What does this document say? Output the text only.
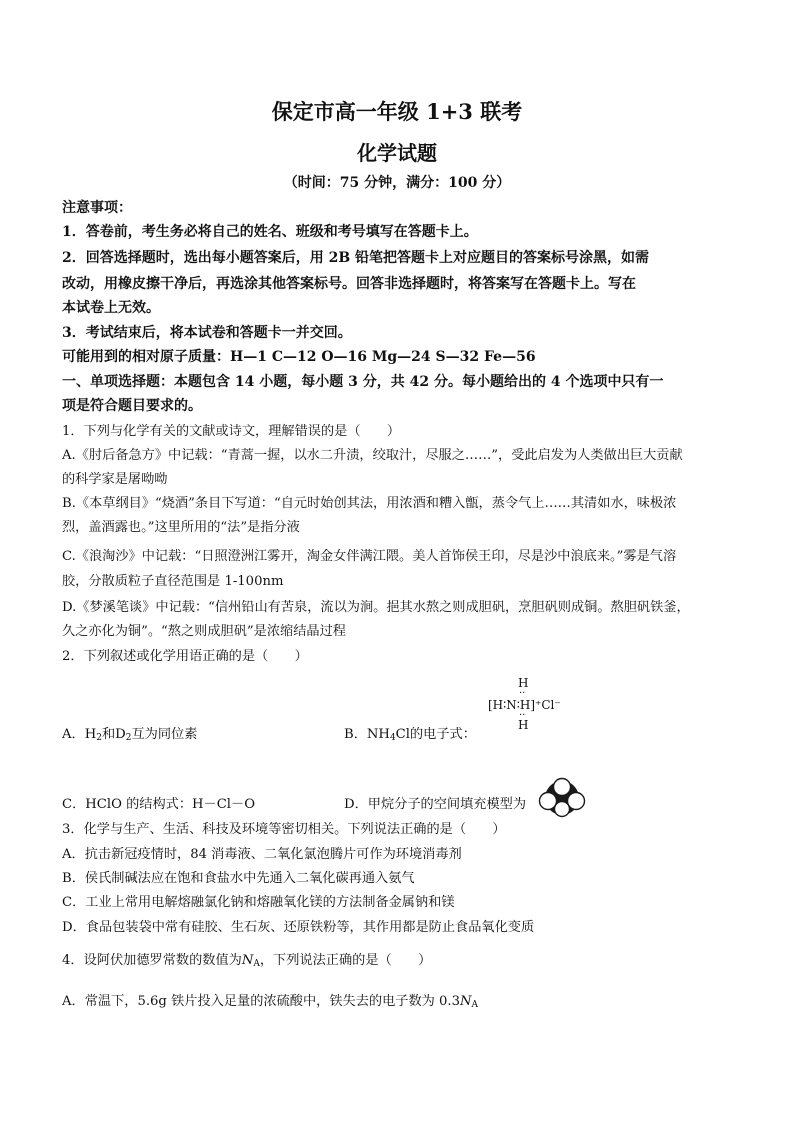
保定市高一年级 1+3 联考
化学试题
（时间：75 分钟，满分：100 分）
注意事项：
1．答卷前，考生务必将自己的姓名、班级和考号填写在答题卡上。
2．回答选择题时，选出每小题答案后，用 2B 铅笔把答题卡上对应题目的答案标号涂黑，如需
改动，用橡皮擦干净后，再选涂其他答案标号。回答非选择题时，将答案写在答题卡上。写在
本试卷上无效。
3．考试结束后，将本试卷和答题卡一并交回。
可能用到的相对原子质量：H—1 C—12 O—16 Mg—24 S—32 Fe—56
一、单项选择题：本题包含 14 小题，每小题 3 分，共 42 分。每小题给出的 4 个选项中只有一
项是符合题目要求的。
1．下列与化学有关的文献或诗文，理解错误的是（　　）
A.《肘后备急方》中记载：“青蒿一握，以水二升渍，绞取汁，尽服之……”，受此启发为人类做出巨大贡献
的科学家是屠呦呦
B.《本草纲目》“烧酒”条目下写道：“自元时始创其法，用浓酒和糟入甑，蒸令气上……其清如水，味极浓
烈，盖酒露也。”这里所用的“法”是指分液
C.《浪淘沙》中记载：“日照澄洲江雾开，淘金女伴满江隈。美人首饰侯王印，尽是沙中浪底来。”雾是气溶
胶，分散质粒子直径范围是 1-100nm
D.《梦溪笔谈》中记载：“信州铅山有苦泉，流以为涧。挹其水熬之则成胆矾，烹胆矾则成铜。熬胆矾铁釜，
久之亦化为铜”。“熬之则成胆矾”是浓缩结晶过程
2．下列叙述或化学用语正确的是（　　）
A．$H_2$和$D_2$互为同位素	B．$NH_4Cl$的电子式：
H
··
[H∶N∶H]⁺Cl⁻
··
H
C．HClO 的结构式：H－Cl－O	D．甲烷分子的空间填充模型为
3．化学与生产、生活、科技及环境等密切相关。下列说法正确的是（　　）
A．抗击新冠疫情时，84 消毒液、二氧化氯泡腾片可作为环境消毒剂
B．侯氏制碱法应在饱和食盐水中先通入二氧化碳再通入氨气
C．工业上常用电解熔融氯化钠和熔融氧化镁的方法制备金属钠和镁
D．食品包装袋中常有硅胶、生石灰、还原铁粉等，其作用都是防止食品氧化变质
4．设阿伏加德罗常数的数值为$N_A$，下列说法正确的是（　　）
A．常温下，5.6g 铁片投入足量的浓硫酸中，铁失去的电子数为 $0.3N_A$
